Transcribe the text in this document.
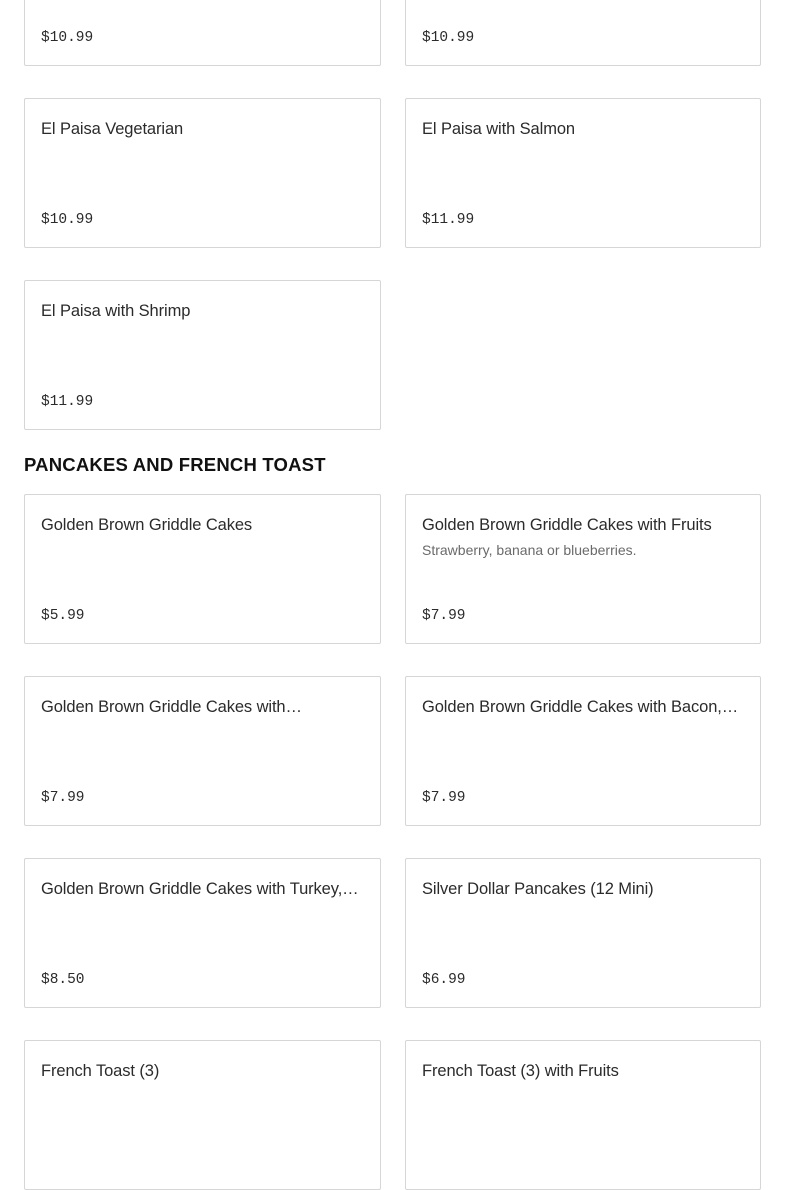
$10.99	$10.99
El Paisa Vegetarian
$10.99
El Paisa with Salmon
$11.99
El Paisa with Shrimp
$11.99
PANCAKES AND FRENCH TOAST
Golden Brown Griddle Cakes
$5.99
Golden Brown Griddle Cakes with Fruits
Strawberry, banana or blueberries.
$7.99
Golden Brown Griddle Cakes with…
$7.99
Golden Brown Griddle Cakes with Bacon,…
$7.99
Golden Brown Griddle Cakes with Turkey,…
$8.50
Silver Dollar Pancakes (12 Mini)
$6.99
French Toast (3)	French Toast (3) with Fruits
